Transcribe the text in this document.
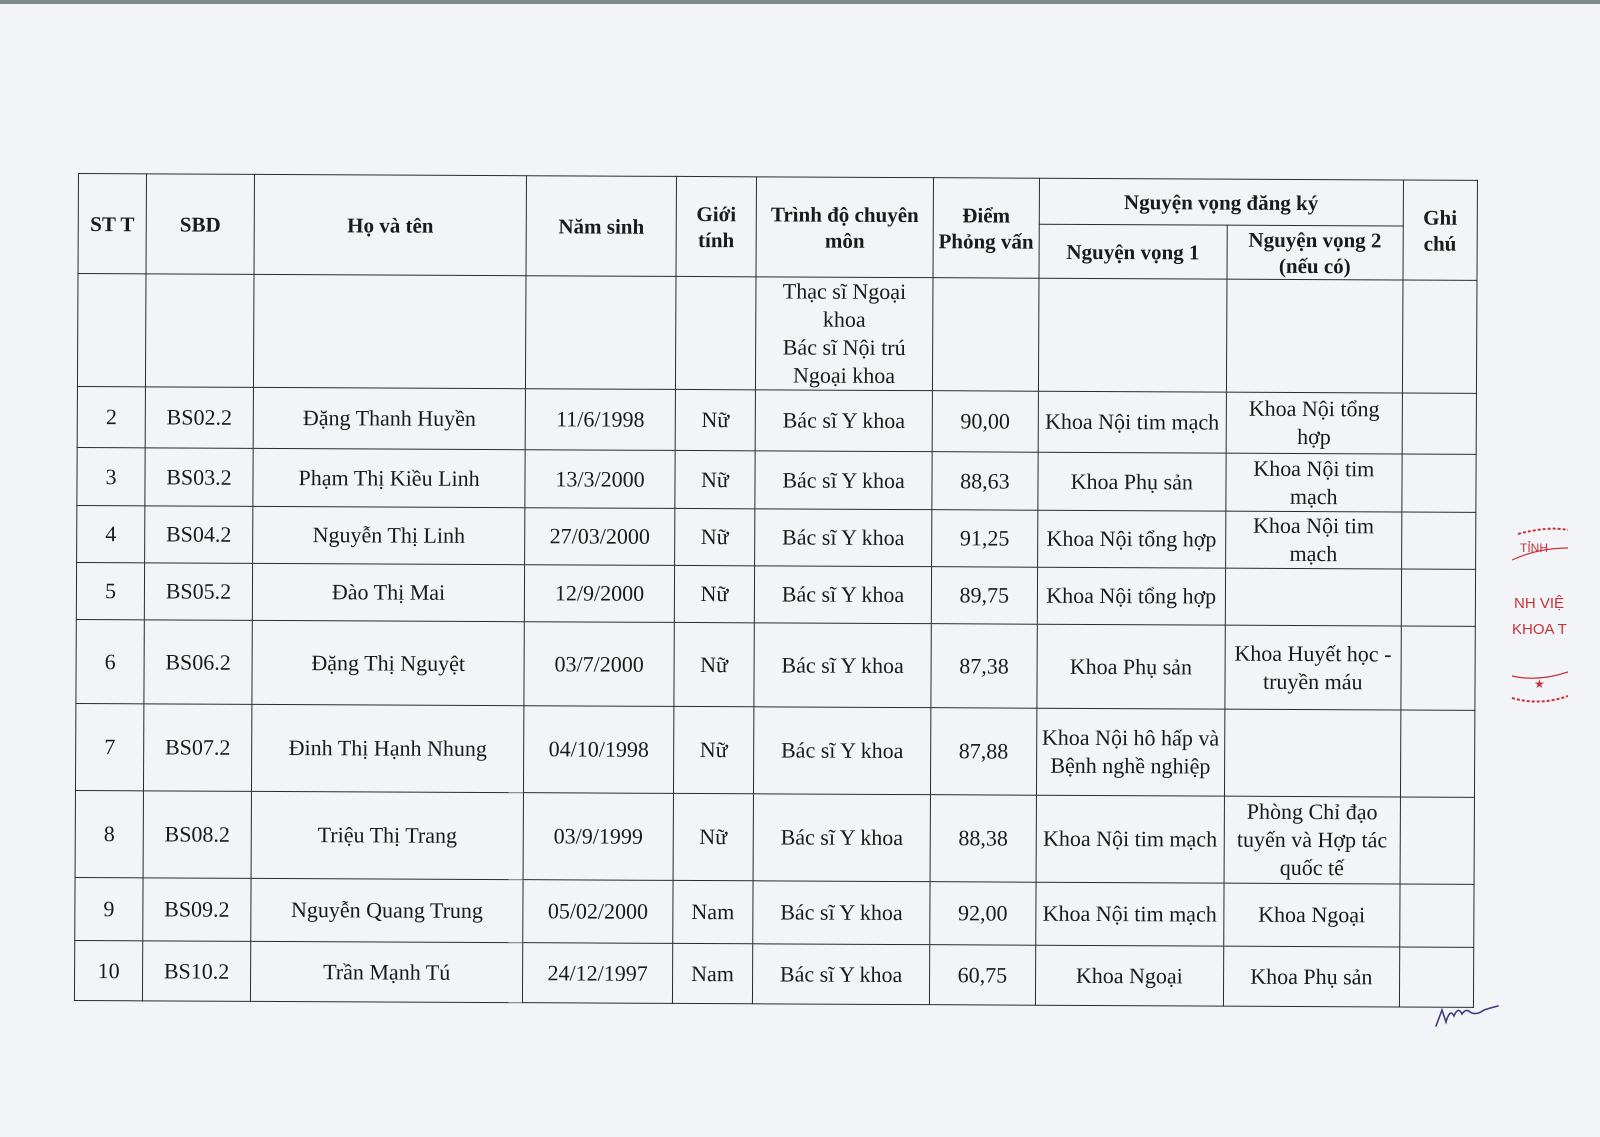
ST T	SBD	Họ và tên	Năm sinh	Giới tính	Trình độ chuyên môn	Điểm Phỏng vấn	Nguyện vọng đăng ký		Ghi chú
							Nguyện vọng 1	Nguyện vọng 2 (nếu có)	
					Thạc sĩ Ngoại khoa
Bác sĩ Nội trú Ngoại khoa				
2	BS02.2	Đặng Thanh Huyền	11/6/1998	Nữ	Bác sĩ Y khoa	90,00	Khoa Nội tim mạch	Khoa Nội tổng hợp	
3	BS03.2	Phạm Thị Kiều Linh	13/3/2000	Nữ	Bác sĩ Y khoa	88,63	Khoa Phụ sản	Khoa Nội tim mạch	
4	BS04.2	Nguyễn Thị Linh	27/03/2000	Nữ	Bác sĩ Y khoa	91,25	Khoa Nội tổng hợp	Khoa Nội tim mạch	
5	BS05.2	Đào Thị Mai	12/9/2000	Nữ	Bác sĩ Y khoa	89,75	Khoa Nội tổng hợp		
6	BS06.2	Đặng Thị Nguyệt	03/7/2000	Nữ	Bác sĩ Y khoa	87,38	Khoa Phụ sản	Khoa Huyết học - truyền máu	
7	BS07.2	Đinh Thị Hạnh Nhung	04/10/1998	Nữ	Bác sĩ Y khoa	87,88	Khoa Nội hô hấp và Bệnh nghề nghiệp		
8	BS08.2	Triệu Thị Trang	03/9/1999	Nữ	Bác sĩ Y khoa	88,38	Khoa Nội tim mạch	Phòng Chỉ đạo tuyến và Hợp tác quốc tế	
9	BS09.2	Nguyễn Quang Trung	05/02/2000	Nam	Bác sĩ Y khoa	92,00	Khoa Nội tim mạch	Khoa Ngoại	
10	BS10.2	Trần Mạnh Tú	24/12/1997	Nam	Bác sĩ Y khoa	60,75	Khoa Ngoại	Khoa Phụ sản	
TỈNH
NH VIỆ
KHOA T
★
